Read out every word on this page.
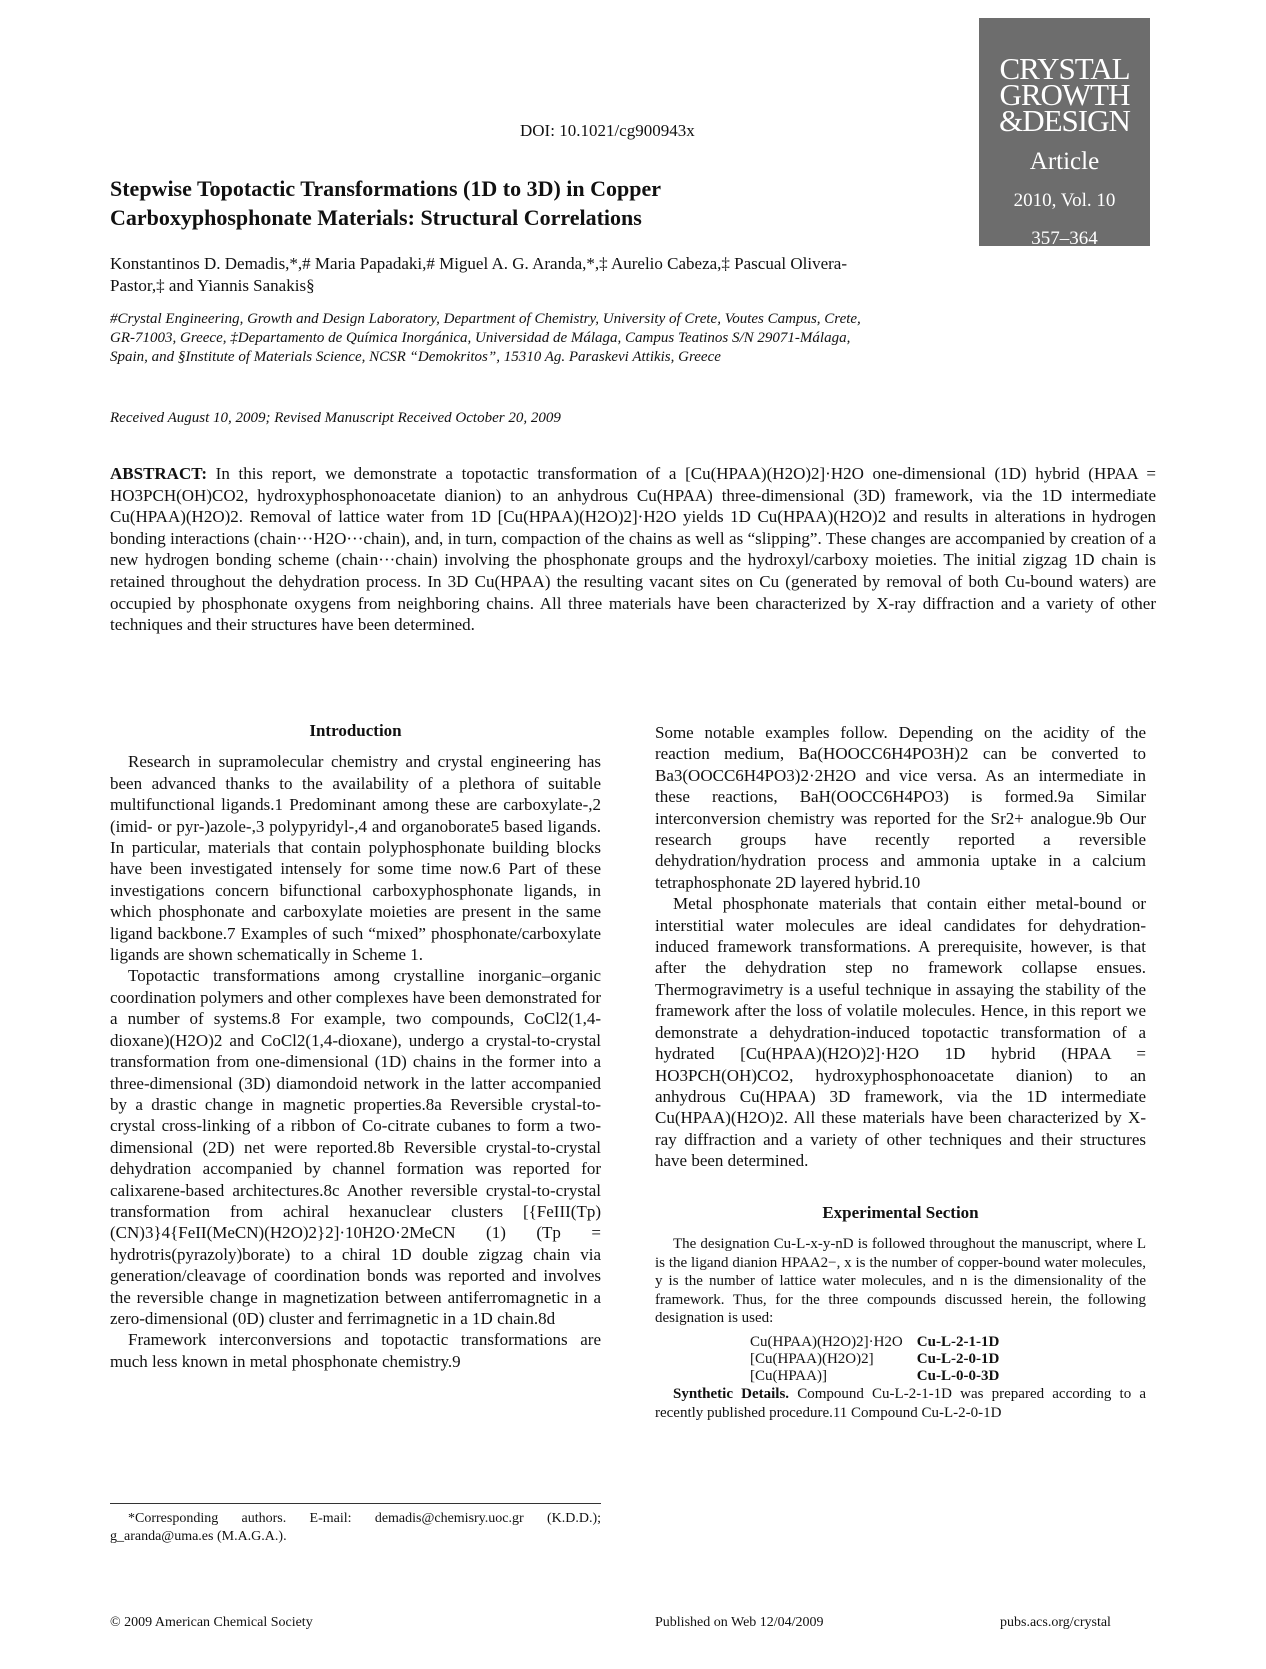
DOI: 10.1021/cg900943x
CRYSTAL
GROWTH
&DESIGN
Article
2010, Vol. 10
357–364
Stepwise Topotactic Transformations (1D to 3D) in Copper Carboxyphosphonate Materials: Structural Correlations
Konstantinos D. Demadis,*,# Maria Papadaki,# Miguel A. G. Aranda,*,‡ Aurelio Cabeza,‡ Pascual Olivera-Pastor,‡ and Yiannis Sanakis§
#Crystal Engineering, Growth and Design Laboratory, Department of Chemistry, University of Crete, Voutes Campus, Crete, GR-71003, Greece, ‡Departamento de Química Inorgánica, Universidad de Málaga, Campus Teatinos S/N 29071-Málaga, Spain, and §Institute of Materials Science, NCSR “Demokritos”, 15310 Ag. Paraskevi Attikis, Greece
Received August 10, 2009; Revised Manuscript Received October 20, 2009
ABSTRACT: In this report, we demonstrate a topotactic transformation of a [Cu(HPAA)(H2O)2]·H2O one-dimensional (1D) hybrid (HPAA = HO3PCH(OH)CO2, hydroxyphosphonoacetate dianion) to an anhydrous Cu(HPAA) three-dimensional (3D) framework, via the 1D intermediate Cu(HPAA)(H2O)2. Removal of lattice water from 1D [Cu(HPAA)(H2O)2]·H2O yields 1D Cu(HPAA)(H2O)2 and results in alterations in hydrogen bonding interactions (chain···H2O···chain), and, in turn, compaction of the chains as well as “slipping”. These changes are accompanied by creation of a new hydrogen bonding scheme (chain···chain) involving the phosphonate groups and the hydroxyl/carboxy moieties. The initial zigzag 1D chain is retained throughout the dehydration process. In 3D Cu(HPAA) the resulting vacant sites on Cu (generated by removal of both Cu-bound waters) are occupied by phosphonate oxygens from neighboring chains. All three materials have been characterized by X-ray diffraction and a variety of other techniques and their structures have been determined.
Introduction

Research in supramolecular chemistry and crystal engineering has been advanced thanks to the availability of a plethora of suitable multifunctional ligands.1 Predominant among these are carboxylate-,2 (imid- or pyr-)azole-,3 polypyridyl-,4 and organoborate5 based ligands. In particular, materials that contain polyphosphonate building blocks have been investigated intensely for some time now.6 Part of these investigations concern bifunctional carboxyphosphonate ligands, in which phosphonate and carboxylate moieties are present in the same ligand backbone.7 Examples of such “mixed” phosphonate/carboxylate ligands are shown schematically in Scheme 1.

Topotactic transformations among crystalline inorganic–organic coordination polymers and other complexes have been demonstrated for a number of systems.8 For example, two compounds, CoCl2(1,4-dioxane)(H2O)2 and CoCl2(1,4-dioxane), undergo a crystal-to-crystal transformation from one-dimensional (1D) chains in the former into a three-dimensional (3D) diamondoid network in the latter accompanied by a drastic change in magnetic properties.8a Reversible crystal-to-crystal cross-linking of a ribbon of Co-citrate cubanes to form a two-dimensional (2D) net were reported.8b Reversible crystal-to-crystal dehydration accompanied by channel formation was reported for calixarene-based architectures.8c Another reversible crystal-to-crystal transformation from achiral hexanuclear clusters [{FeIII(Tp)(CN)3}4{FeII(MeCN)(H2O)2}2]·10H2O·2MeCN (1) (Tp = hydrotris(pyrazoly)borate) to a chiral 1D double zigzag chain via generation/cleavage of coordination bonds was reported and involves the reversible change in magnetization between antiferromagnetic in a zero-dimensional (0D) cluster and ferrimagnetic in a 1D chain.8d

Framework interconversions and topotactic transformations are much less known in metal phosphonate chemistry.9

Some notable examples follow. Depending on the acidity of the reaction medium, Ba(HOOCC6H4PO3H)2 can be converted to Ba3(OOCC6H4PO3)2·2H2O and vice versa. As an intermediate in these reactions, BaH(OOCC6H4PO3) is formed.9a Similar interconversion chemistry was reported for the Sr2+ analogue.9b Our research groups have recently reported a reversible dehydration/hydration process and ammonia uptake in a calcium tetraphosphonate 2D layered hybrid.10

Metal phosphonate materials that contain either metal-bound or interstitial water molecules are ideal candidates for dehydration-induced framework transformations. A prerequisite, however, is that after the dehydration step no framework collapse ensues. Thermogravimetry is a useful technique in assaying the stability of the framework after the loss of volatile molecules. Hence, in this report we demonstrate a dehydration-induced topotactic transformation of a hydrated [Cu(HPAA)(H2O)2]·H2O 1D hybrid (HPAA = HO3PCH(OH)CO2, hydroxyphosphonoacetate dianion) to an anhydrous Cu(HPAA) 3D framework, via the 1D intermediate Cu(HPAA)(H2O)2. All these materials have been characterized by X-ray diffraction and a variety of other techniques and their structures have been determined.

Experimental Section

The designation Cu-L-x-y-nD is followed throughout the manuscript, where L is the ligand dianion HPAA2−, x is the number of copper-bound water molecules, y is the number of lattice water molecules, and n is the dimensionality of the framework. Thus, for the three compounds discussed herein, the following designation is used:

Cu(HPAA)(H2O)2]·H2O	Cu-L-2-1-1D
[Cu(HPAA)(H2O)2]	Cu-L-2-0-1D
[Cu(HPAA)]	Cu-L-0-0-3D

Synthetic Details. Compound Cu-L-2-1-1D was prepared according to a recently published procedure.11 Compound Cu-L-2-0-1D

*Corresponding authors. E-mail: demadis@chemisry.uoc.gr (K.D.D.); g_aranda@uma.es (M.A.G.A.).

© 2009 American Chemical Society	Published on Web 12/04/2009	pubs.acs.org/crystal
